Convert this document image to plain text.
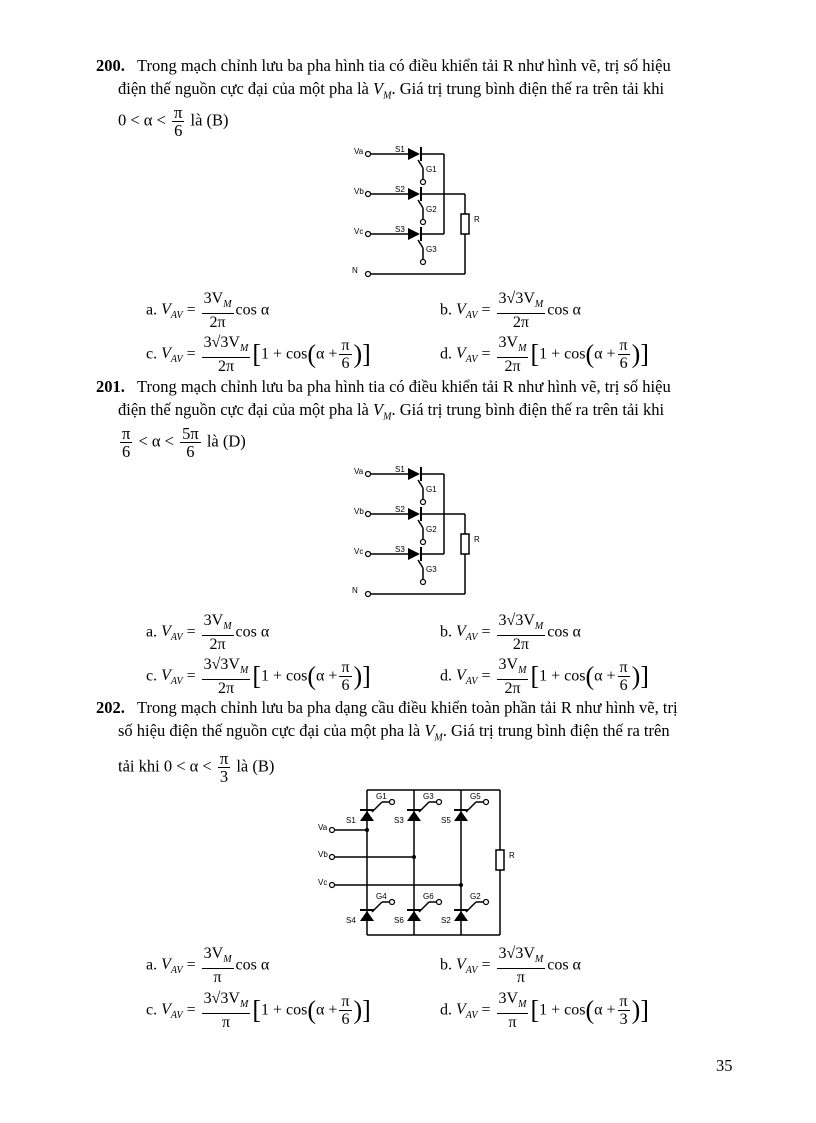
200. Trong mạch chỉnh lưu ba pha hình tia có điều khiển tải R như hình vẽ, trị số hiệu
điện thế nguồn cực đại của một pha là $V_M$. Giá trị trung bình điện thế ra trên tải khi
$0 < \alpha < \frac{\pi}{6}$ là (B)
Va
Vb
Vc
N
S1
S2
S3
G1
G2
G3
R
a. $V_{AV} = \frac{3V_M}{2\pi}$ cos α	b. $V_{AV} = \frac{3√3V_M}{2\pi}$ cos α
c. $V_{AV} = \frac{3√3V_M}{2\pi} [1 + \cos(\alpha + \frac{\pi}{6}$ )]	d. $V_{AV} = \frac{3V_M}{2\pi} [1 + \cos(\alpha + \frac{\pi}{6}$ )]
201. Trong mạch chỉnh lưu ba pha hình tia có điều khiển tải R như hình vẽ, trị số hiệu
điện thế nguồn cực đại của một pha là $V_M$. Giá trị trung bình điện thế ra trên tải khi
$\frac{\pi}{6} < \alpha < \frac{5\pi}{6}$ là (D)
Va
Vb
Vc
N
S1
S2
S3
G1
G2
G3
R
a. $V_{AV} = \frac{3V_M}{2\pi}$ cos α	b. $V_{AV} = \frac{3√3V_M}{2\pi}$ cos α
c. $V_{AV} = \frac{3√3V_M}{2\pi} [1 + \cos(\alpha + \frac{\pi}{6}$ )]	d. $V_{AV} = \frac{3V_M}{2\pi} [1 + \cos(\alpha + \frac{\pi}{6}$ )]
202. Trong mạch chỉnh lưu ba pha dạng cầu điều khiển toàn phần tải R như hình vẽ, trị
số hiệu điện thế nguồn cực đại của một pha là $V_M$. Giá trị trung bình điện thế ra trên
tải khi $0 < \alpha < \frac{\pi}{3}$ là (B)
Va
Vb
Vc
S1	S3	S5
S4	S6	S2
G1	G3	G5
G4	G6	G2
R
a. $V_{AV} = \frac{3V_M}{\pi}$ cos α	b. $V_{AV} = \frac{3√3V_M}{\pi}$ cos α
c. $V_{AV} = \frac{3√3V_M}{\pi} [1 + \cos(\alpha + \frac{\pi}{6}$ )]	d. $V_{AV} = \frac{3V_M}{\pi} [1 + \cos(\alpha + \frac{\pi}{3}$ )]
35
